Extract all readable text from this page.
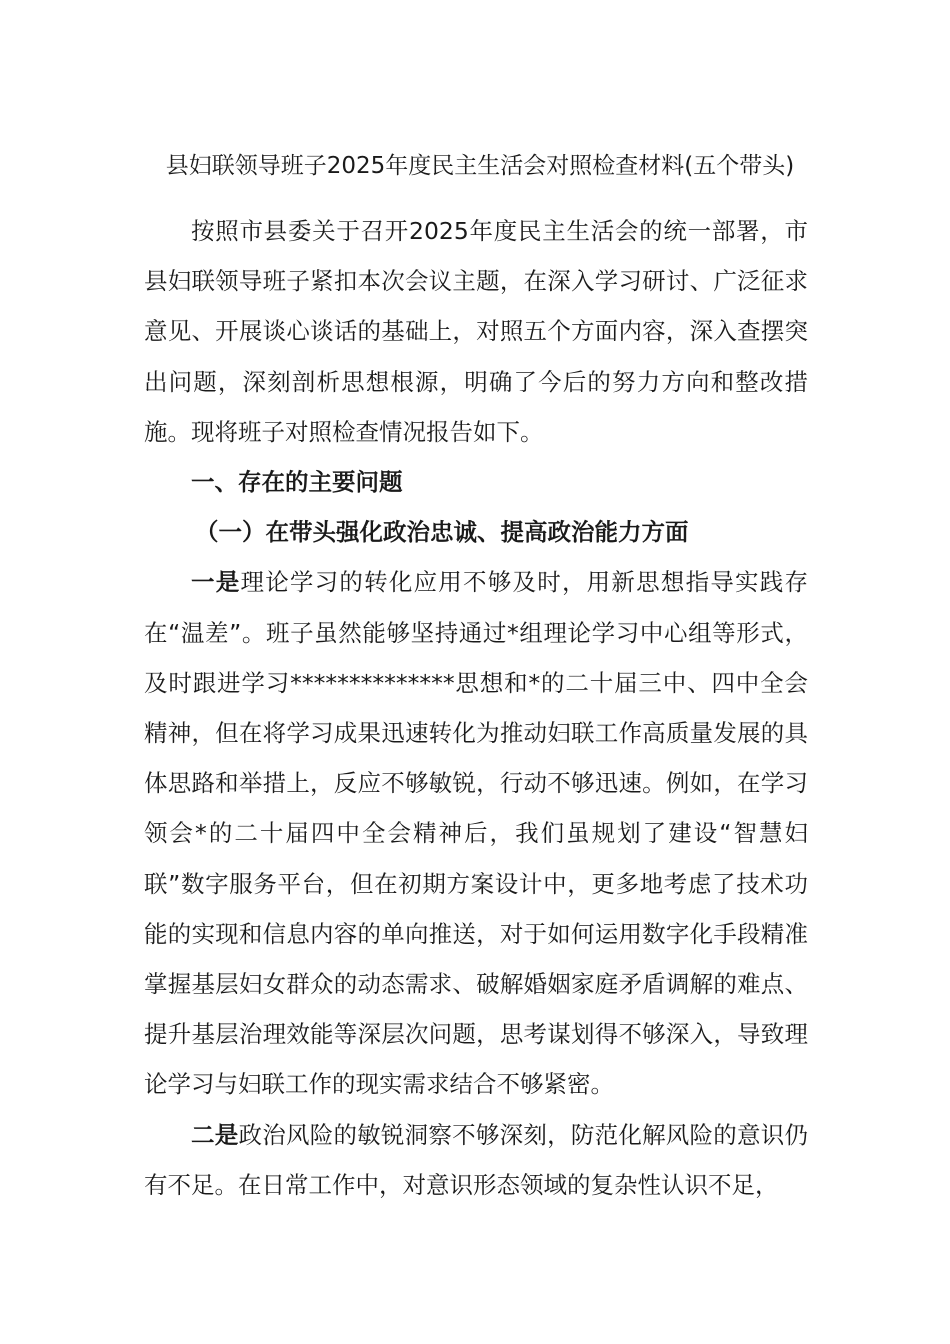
县妇联领导班子2025年度民主生活会对照检查材料(五个带头)

按照市县委关于召开2025年度民主生活会的统一部署，市县妇联领导班子紧扣本次会议主题，在深入学习研讨、广泛征求意见、开展谈心谈话的基础上，对照五个方面内容，深入查摆突出问题，深刻剖析思想根源，明确了今后的努力方向和整改措施。现将班子对照检查情况报告如下。

一、存在的主要问题
（一）在带头强化政治忠诚、提高政治能力方面

一是理论学习的转化应用不够及时，用新思想指导实践存在“温差”。班子虽然能够坚持通过*组理论学习中心组等形式，及时跟进学习**************思想和*的二十届三中、四中全会精神，但在将学习成果迅速转化为推动妇联工作高质量发展的具体思路和举措上，反应不够敏锐，行动不够迅速。例如，在学习领会*的二十届四中全会精神后，我们虽规划了建设“智慧妇联”数字服务平台，但在初期方案设计中，更多地考虑了技术功能的实现和信息内容的单向推送，对于如何运用数字化手段精准掌握基层妇女群众的动态需求、破解婚姻家庭矛盾调解的难点、提升基层治理效能等深层次问题，思考谋划得不够深入，导致理论学习与妇联工作的现实需求结合不够紧密。

二是政治风险的敏锐洞察不够深刻，防范化解风险的意识仍有不足。在日常工作中，对意识形态领域的复杂性认识不足，
